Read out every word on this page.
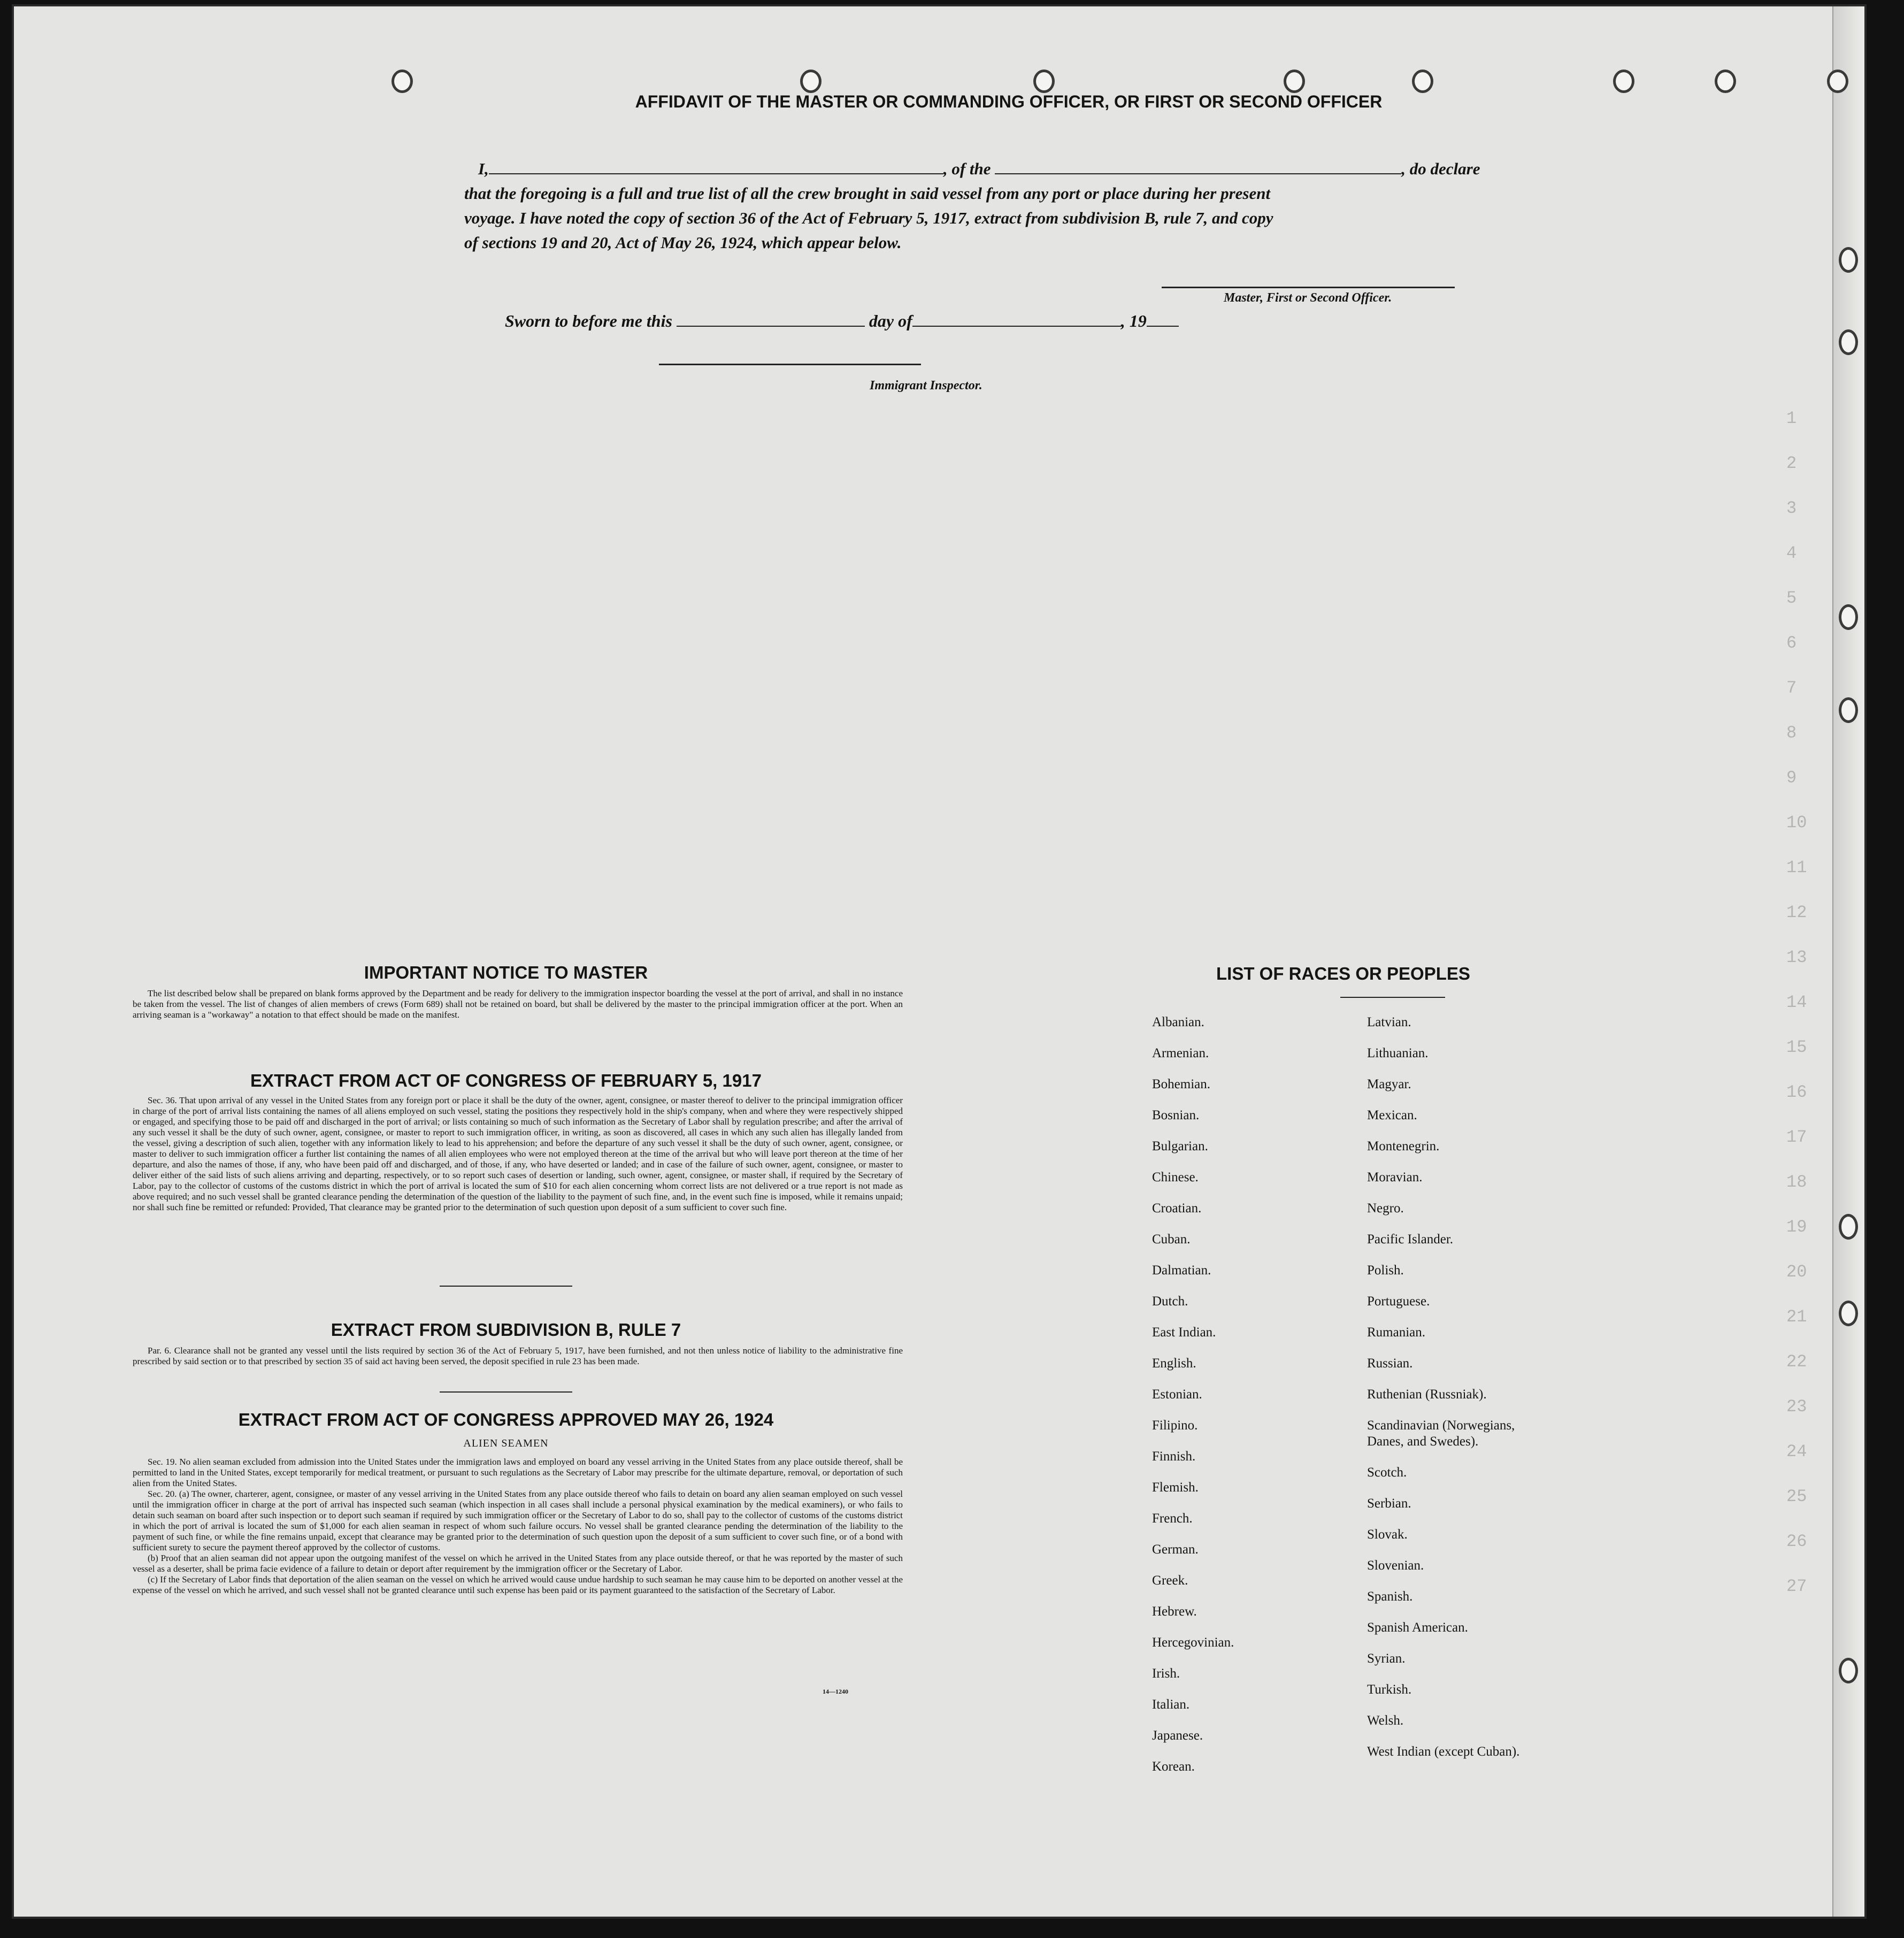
1
2
3
4
5
6
7
8
9
10
11
12
13
14
15
16
17
18
19
20
21
22
23
24
25
26
27
AFFIDAVIT OF THE MASTER OR COMMANDING OFFICER, OR FIRST OR SECOND OFFICER
I,	, of the	, do declare
that the foregoing is a full and true list of all the crew brought in said vessel from any port or place during her present
voyage. I have noted the copy of section 36 of the Act of February 5, 1917, extract from subdivision B, rule 7, and copy
of sections 19 and 20, Act of May 26, 1924, which appear below.
Master, First or Second Officer.
Sworn to before me this	day of	, 19
Immigrant Inspector.
IMPORTANT NOTICE TO MASTER

The list described below shall be prepared on blank forms approved by the Department and be ready for delivery to the immigration inspector boarding the vessel at the port of arrival, and shall in no instance be taken from the vessel. The list of changes of alien members of crews (Form 689) shall not be retained on board, but shall be delivered by the master to the principal immigration officer at the port. When an arriving seaman is a "workaway" a notation to that effect should be made on the manifest.

EXTRACT FROM ACT OF CONGRESS OF FEBRUARY 5, 1917

Sec. 36. That upon arrival of any vessel in the United States from any foreign port or place it shall be the duty of the owner, agent, consignee, or master thereof to deliver to the principal immigration officer in charge of the port of arrival lists containing the names of all aliens employed on such vessel, stating the positions they respectively hold in the ship's company, when and where they were respectively shipped or engaged, and specifying those to be paid off and discharged in the port of arrival; or lists containing so much of such information as the Secretary of Labor shall by regulation prescribe; and after the arrival of any such vessel it shall be the duty of such owner, agent, consignee, or master to report to such immigration officer, in writing, as soon as discovered, all cases in which any such alien has illegally landed from the vessel, giving a description of such alien, together with any information likely to lead to his apprehension; and before the departure of any such vessel it shall be the duty of such owner, agent, consignee, or master to deliver to such immigration officer a further list containing the names of all alien employees who were not employed thereon at the time of the arrival but who will leave port thereon at the time of her departure, and also the names of those, if any, who have been paid off and discharged, and of those, if any, who have deserted or landed; and in case of the failure of such owner, agent, consignee, or master to deliver either of the said lists of such aliens arriving and departing, respectively, or to so report such cases of desertion or landing, such owner, agent, consignee, or master shall, if required by the Secretary of Labor, pay to the collector of customs of the customs district in which the port of arrival is located the sum of $10 for each alien concerning whom correct lists are not delivered or a true report is not made as above required; and no such vessel shall be granted clearance pending the determination of the question of the liability to the payment of such fine, and, in the event such fine is imposed, while it remains unpaid; nor shall such fine be remitted or refunded: Provided, That clearance may be granted prior to the determination of such question upon deposit of a sum sufficient to cover such fine.

EXTRACT FROM SUBDIVISION B, RULE 7

Par. 6. Clearance shall not be granted any vessel until the lists required by section 36 of the Act of February 5, 1917, have been furnished, and not then unless notice of liability to the administrative fine prescribed by said section or to that prescribed by section 35 of said act having been served, the deposit specified in rule 23 has been made.

EXTRACT FROM ACT OF CONGRESS APPROVED MAY 26, 1924
ALIEN SEAMEN

Sec. 19. No alien seaman excluded from admission into the United States under the immigration laws and employed on board any vessel arriving in the United States from any place outside thereof, shall be permitted to land in the United States, except temporarily for medical treatment, or pursuant to such regulations as the Secretary of Labor may prescribe for the ultimate departure, removal, or deportation of such alien from the United States.

Sec. 20. (a) The owner, charterer, agent, consignee, or master of any vessel arriving in the United States from any place outside thereof who fails to detain on board any alien seaman employed on such vessel until the immigration officer in charge at the port of arrival has inspected such seaman (which inspection in all cases shall include a personal physical examination by the medical examiners), or who fails to detain such seaman on board after such inspection or to deport such seaman if required by such immigration officer or the Secretary of Labor to do so, shall pay to the collector of customs of the customs district in which the port of arrival is located the sum of $1,000 for each alien seaman in respect of whom such failure occurs. No vessel shall be granted clearance pending the determination of the liability to the payment of such fine, or while the fine remains unpaid, except that clearance may be granted prior to the determination of such question upon the deposit of a sum sufficient to cover such fine, or of a bond with sufficient surety to secure the payment thereof approved by the collector of customs.

(b) Proof that an alien seaman did not appear upon the outgoing manifest of the vessel on which he arrived in the United States from any place outside thereof, or that he was reported by the master of such vessel as a deserter, shall be prima facie evidence of a failure to detain or deport after requirement by the immigration officer or the Secretary of Labor.

(c) If the Secretary of Labor finds that deportation of the alien seaman on the vessel on which he arrived would cause undue hardship to such seaman he may cause him to be deported on another vessel at the expense of the vessel on which he arrived, and such vessel shall not be granted clearance until such expense has been paid or its payment guaranteed to the satisfaction of the Secretary of Labor.

14—1240
LIST OF RACES OR PEOPLES
Albanian.
Armenian.
Bohemian.
Bosnian.
Bulgarian.
Chinese.
Croatian.
Cuban.
Dalmatian.
Dutch.
East Indian.
English.
Estonian.
Filipino.
Finnish.
Flemish.
French.
German.
Greek.
Hebrew.
Hercegovinian.
Irish.
Italian.
Japanese.
Korean.
Latvian.
Lithuanian.
Magyar.
Mexican.
Montenegrin.
Moravian.
Negro.
Pacific Islander.
Polish.
Portuguese.
Rumanian.
Russian.
Ruthenian (Russniak).
Scandinavian (Norwegians,
Danes, and Swedes).
Scotch.
Serbian.
Slovak.
Slovenian.
Spanish.
Spanish American.
Syrian.
Turkish.
Welsh.
West Indian (except Cuban).
